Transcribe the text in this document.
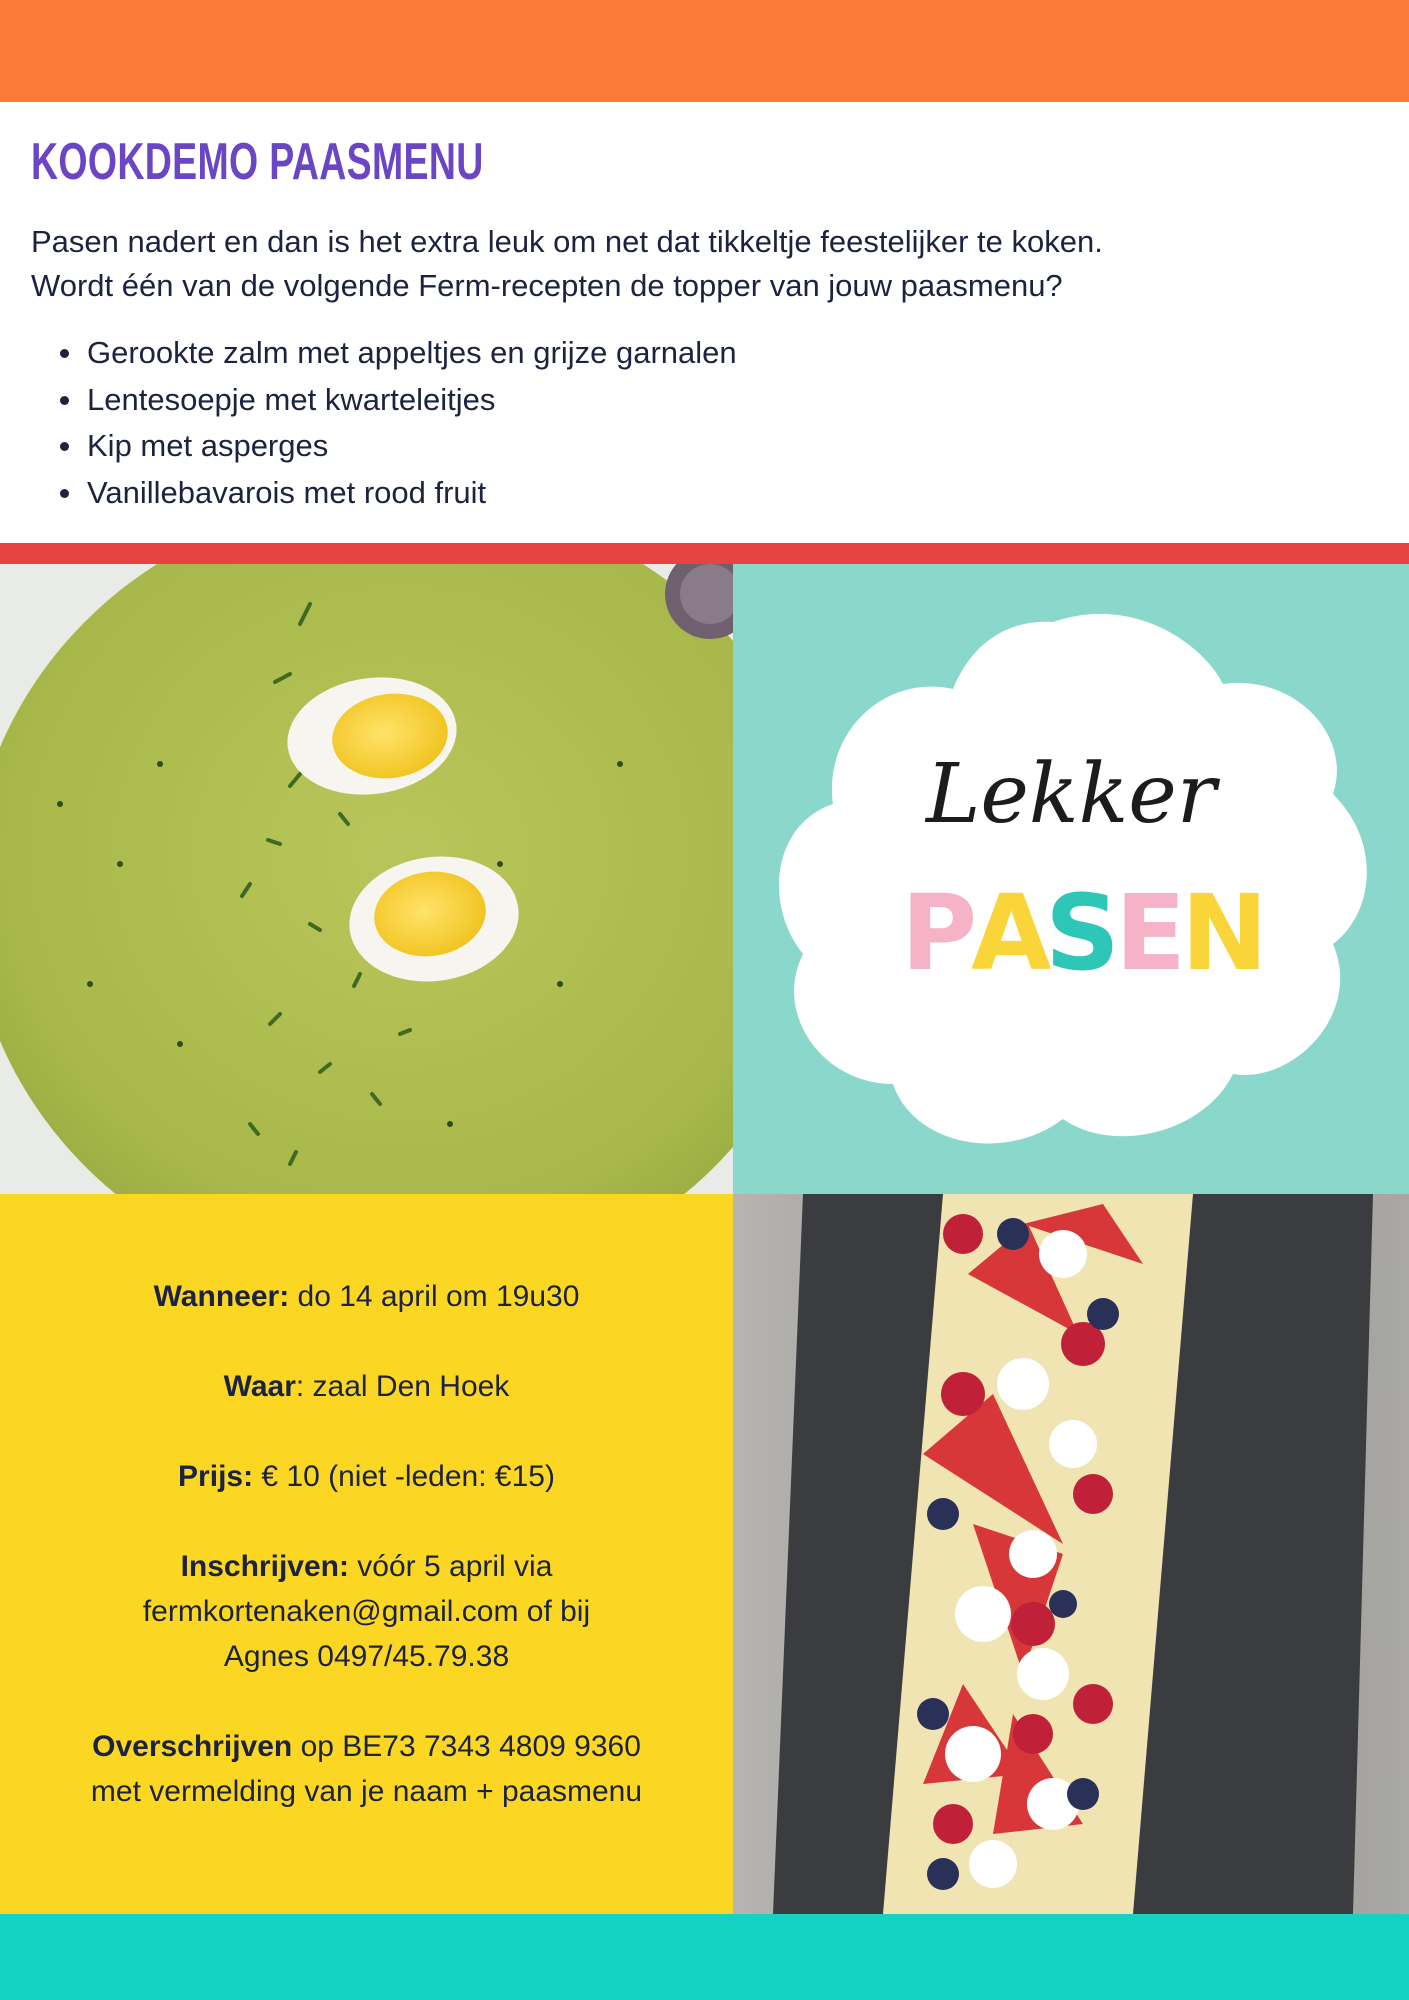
KOOKDEMO PAASMENU
Pasen nadert en dan is het extra leuk om net dat tikkeltje feestelijker te koken.
Wordt één van de volgende Ferm-recepten de topper van jouw paasmenu?
Gerookte zalm met appeltjes en grijze garnalen
Lentesoepje met kwarteleitjes
Kip met asperges
Vanillebavarois met rood fruit
Lekker
P
A
S
E
N
Wanneer: do 14 april om 19u30
Waar: zaal Den Hoek
Prijs: € 10 (niet -leden: €15)
Inschrijven: vóór 5 april via
fermkortenaken@gmail.com of bij
Agnes 0497/45.79.38
Overschrijven op BE73 7343 4809 9360
met vermelding van je naam + paasmenu
